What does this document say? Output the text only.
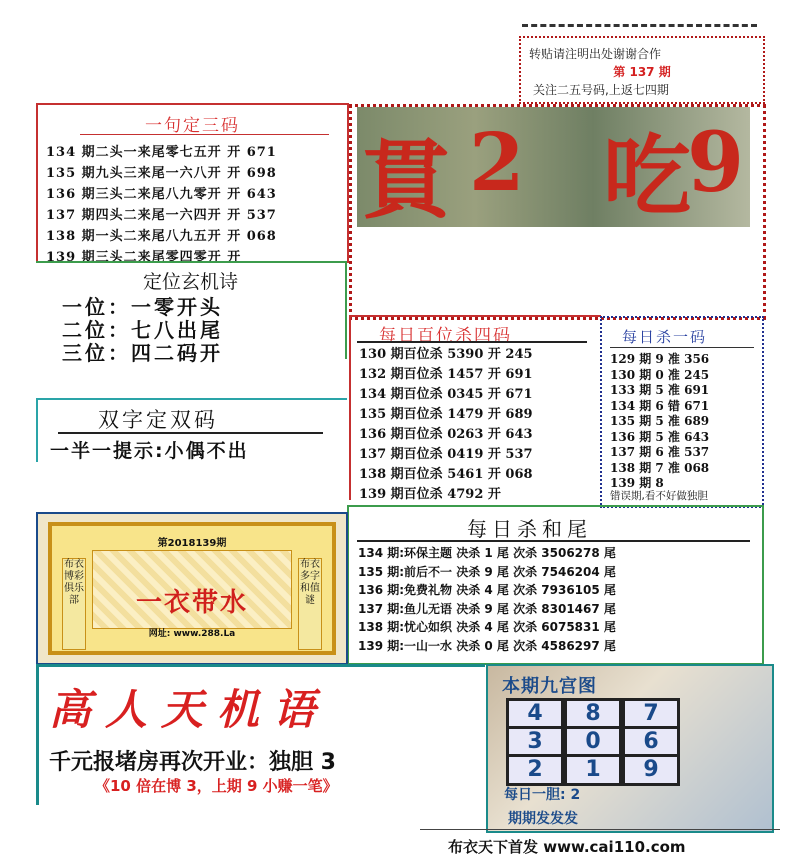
转贴请注明出处谢谢合作
第 137 期
关注二五号码,上返七四期
一句定三码
134 期二头一来尾零七五开 开 671
135 期九头三来尾一六八开 开 698
136 期三头二来尾八九零开 开 643
137 期四头二来尾一六四开 开 537
138 期一头二来尾八九五开 开 068
139 期三头二来尾零四零开 开
定位玄机诗
一位：一零开头
二位：七八出尾
三位：四二码开
双字定双码
一半一提示:小偶不出
貫 2 吃
9
每日百位杀四码
130 期百位杀 5390 开 245
132 期百位杀 1457 开 691
134 期百位杀 0345 开 671
135 期百位杀 1479 开 689
136 期百位杀 0263 开 643
137 期百位杀 0419 开 537
138 期百位杀 5461 开 068
139 期百位杀 4792 开
每日杀一码
129 期 9 准 356
130 期 0 准 245
133 期 5 准 691
134 期 6 错 671
135 期 5 准 689
136 期 5 准 643
137 期 6 准 537
138 期 7 准 068
139 期 8
错误期,看不好做独胆
每日杀和尾
134 期:环保主题 决杀 1 尾 次杀 3506278 尾
135 期:前后不一 决杀 9 尾 次杀 7546204 尾
136 期:免费礼物 决杀 4 尾 次杀 7936105 尾
137 期:鱼儿无语 决杀 9 尾 次杀 8301467 尾
138 期:忧心如织 决杀 4 尾 次杀 6075831 尾
139 期:一山一水 决杀 0 尾 次杀 4586297 尾
第2018139期
布衣博彩俱乐部
布衣多字和值谜
一衣带水
网址: www.288.La
高人天机语
千元报堵房再次开业：独胆 3
《10 倍在博 3，上期 9 小赚一笔》
本期九宫图
4	8	7
3	0	6
2	1	9
每日一胆: 2
期期发发发
布衣天下首发 www.cai110.com
